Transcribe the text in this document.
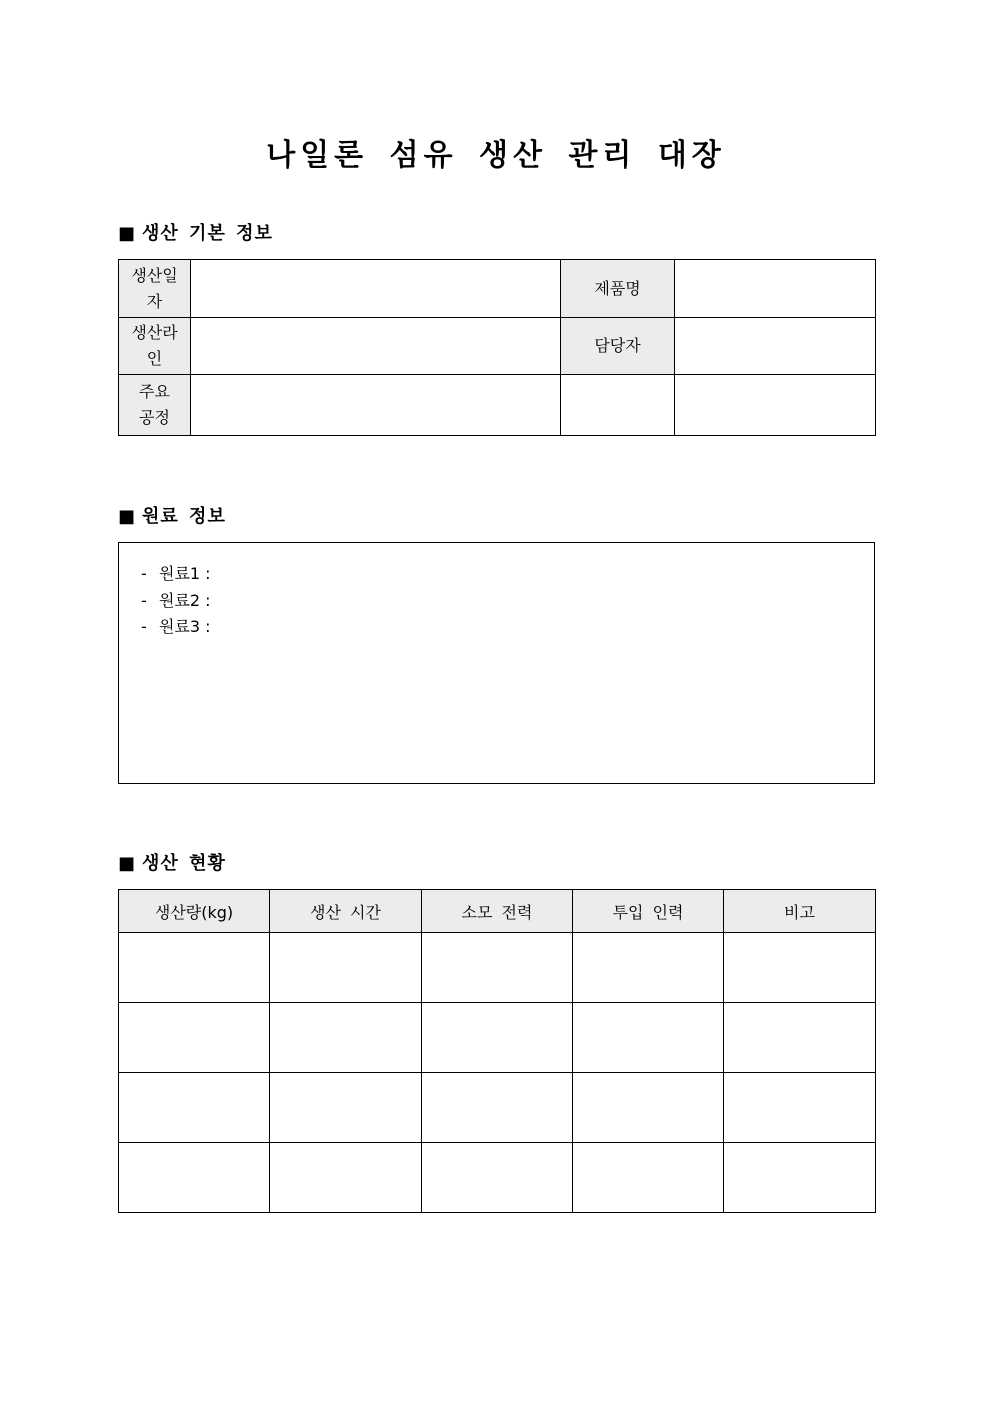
나일론 섬유 생산 관리 대장
■ 생산 기본 정보
생산일자		제품명	

생산라인		담당자	

주요공정			

■ 원료 정보
- 원료1 :
- 원료2 :
- 원료3 :
■ 생산 현황
생산량(kg)	생산 시간	소모 전력	투입 인력	비고
